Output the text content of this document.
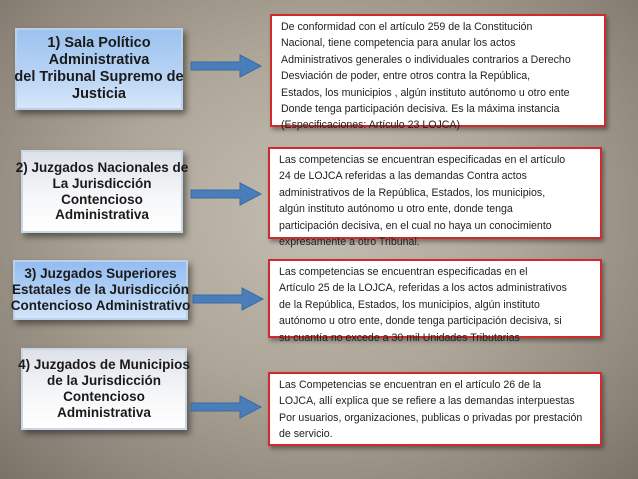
1) Sala Político
Administrativa
del Tribunal Supremo de
Justicia
De conformidad con el artículo 259 de la Constitución
Nacional, tiene competencia para anular los actos
Administrativos generales o individuales contrarios a Derecho
Desviación de poder, entre otros contra la República,
Estados, los municipios , algún instituto autónomo u otro ente
Donde tenga participación decisiva. Es la máxima instancia
(Especificaciones: Artículo 23 LOJCA)
2) Juzgados Nacionales de
La Jurisdicción
Contencioso
Administrativa
Las competencias se encuentran especificadas en el artículo
24 de LOJCA referidas a las demandas Contra actos
administrativos de la República, Estados, los municipios,
algún instituto autónomo u otro ente, donde tenga
participación decisiva, en el cual no haya un conocimiento
expresamente a otro Tribunal.
3) Juzgados Superiores
Estatales de la Jurisdicción
Contencioso Administrativo
Las competencias se encuentran especificadas en el
Artículo 25 de la LOJCA, referidas a los actos administrativos
de la República, Estados, los municipios, algún instituto
autónomo u otro ente, donde tenga participación decisiva, si
su cuantía no excede a 30 mil Unidades Tributarias
4) Juzgados de Municipios
de la Jurisdicción
Contencioso
Administrativa
Las Competencias se encuentran en el artículo 26 de la
LOJCA, allí explica que se refiere a las demandas interpuestas
Por usuarios, organizaciones, publicas o privadas por prestación
de servicio.
